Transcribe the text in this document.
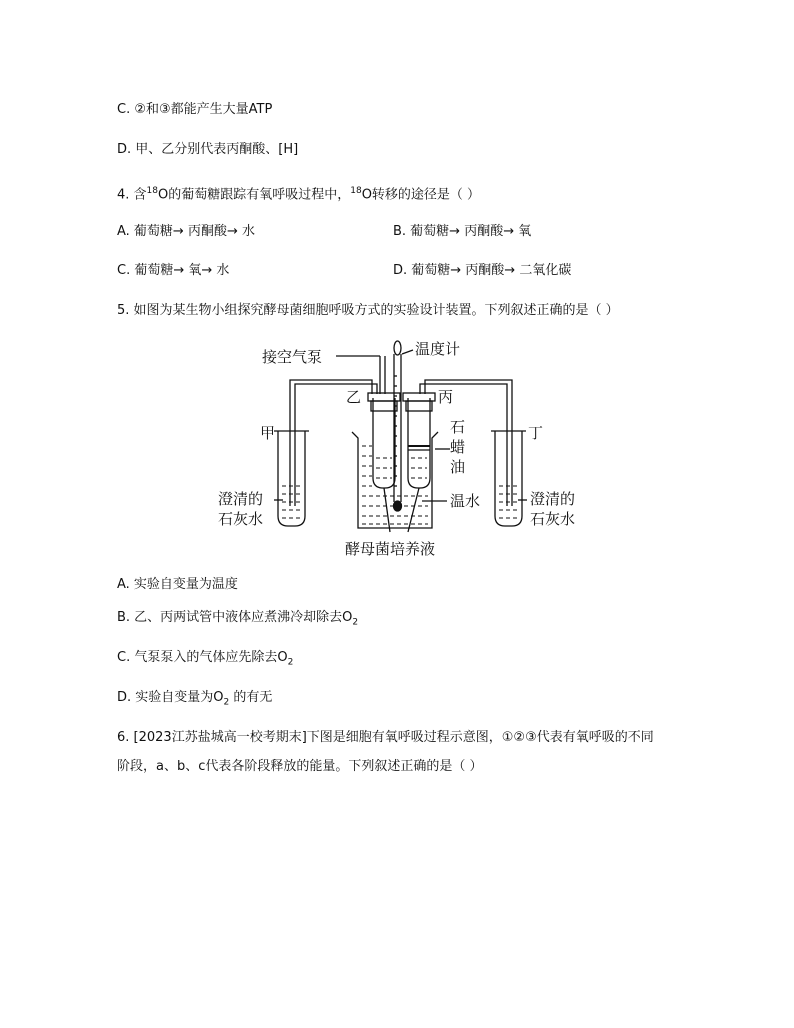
C. ②和③都能产生大量ATP
D. 甲、乙分别代表丙酮酸、[H]
4. 含$^{18}$O的葡萄糖跟踪有氧呼吸过程中，$^{18}$O转移的途径是（ ）
A. 葡萄糖→ 丙酮酸→ 水	B. 葡萄糖→ 丙酮酸→ 氧
C. 葡萄糖→ 氧→ 水	D. 葡萄糖→ 丙酮酸→ 二氧化碳
5. 如图为某生物小组探究酵母菌细胞呼吸方式的实验设计装置。下列叙述正确的是（ ）
接空气泵	温度计
乙	丙
甲	丁
石
蜡
油
温水
澄清的
石灰水
澄清的
石灰水
酵母菌培养液
A. 实验自变量为温度
B. 乙、丙两试管中液体应煮沸冷却除去$O_2$
C. 气泵泵入的气体应先除去$O_2$
D. 实验自变量为$O_2$ 的有无
6. [2023江苏盐城高一校考期末]下图是细胞有氧呼吸过程示意图，①②③代表有氧呼吸的不同
阶段，a、b、c代表各阶段释放的能量。下列叙述正确的是（ ）
